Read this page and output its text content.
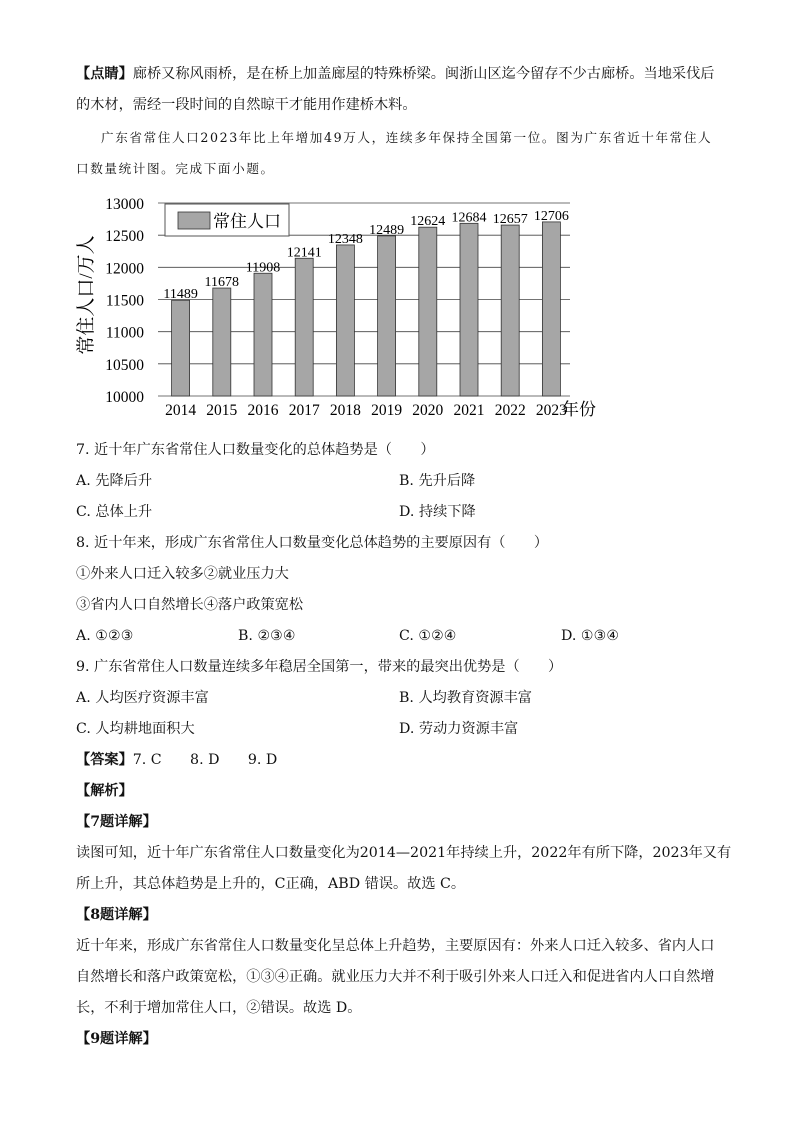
【点睛】廊桥又称风雨桥，是在桥上加盖廊屋的特殊桥梁。闽浙山区迄今留存不少古廊桥。当地采伐后
的木材，需经一段时间的自然晾干才能用作建桥木料。
广东省常住人口2023年比上年增加49万人，连续多年保持全国第一位。图为广东省近十年常住人
口数量统计图。完成下面小题。
11489
11678
11908
12141
12348
12489
12624 12684 12657 12706
10000
10500
11000
11500
12000
12500
13000
2014 2015 2016 2017 2018 2019 2020 2021 2022 2023
常住人口/万人
年份
常住人口
7. 近十年广东省常住人口数量变化的总体趋势是（　　）
A. 先降后升	B. 先升后降
C. 总体上升	D. 持续下降
8. 近十年来，形成广东省常住人口数量变化总体趋势的主要原因有（　　）
①外来人口迁入较多②就业压力大
③省内人口自然增长④落户政策宽松
A. ①②③	B. ②③④	C. ①②④	D. ①③④
9. 广东省常住人口数量连续多年稳居全国第一，带来的最突出优势是（　　）
A. 人均医疗资源丰富	B. 人均教育资源丰富
C. 人均耕地面积大	D. 劳动力资源丰富
【答案】7. C　　8. D　　9. D
【解析】
【7题详解】
读图可知，近十年广东省常住人口数量变化为2014—2021年持续上升，2022年有所下降，2023年又有
所上升，其总体趋势是上升的，C正确，ABD 错误。故选 C。
【8题详解】
近十年来，形成广东省常住人口数量变化呈总体上升趋势，主要原因有：外来人口迁入较多、省内人口
自然增长和落户政策宽松，①③④正确。就业压力大并不利于吸引外来人口迁入和促进省内人口自然增
长，不利于增加常住人口，②错误。故选 D。
【9题详解】
